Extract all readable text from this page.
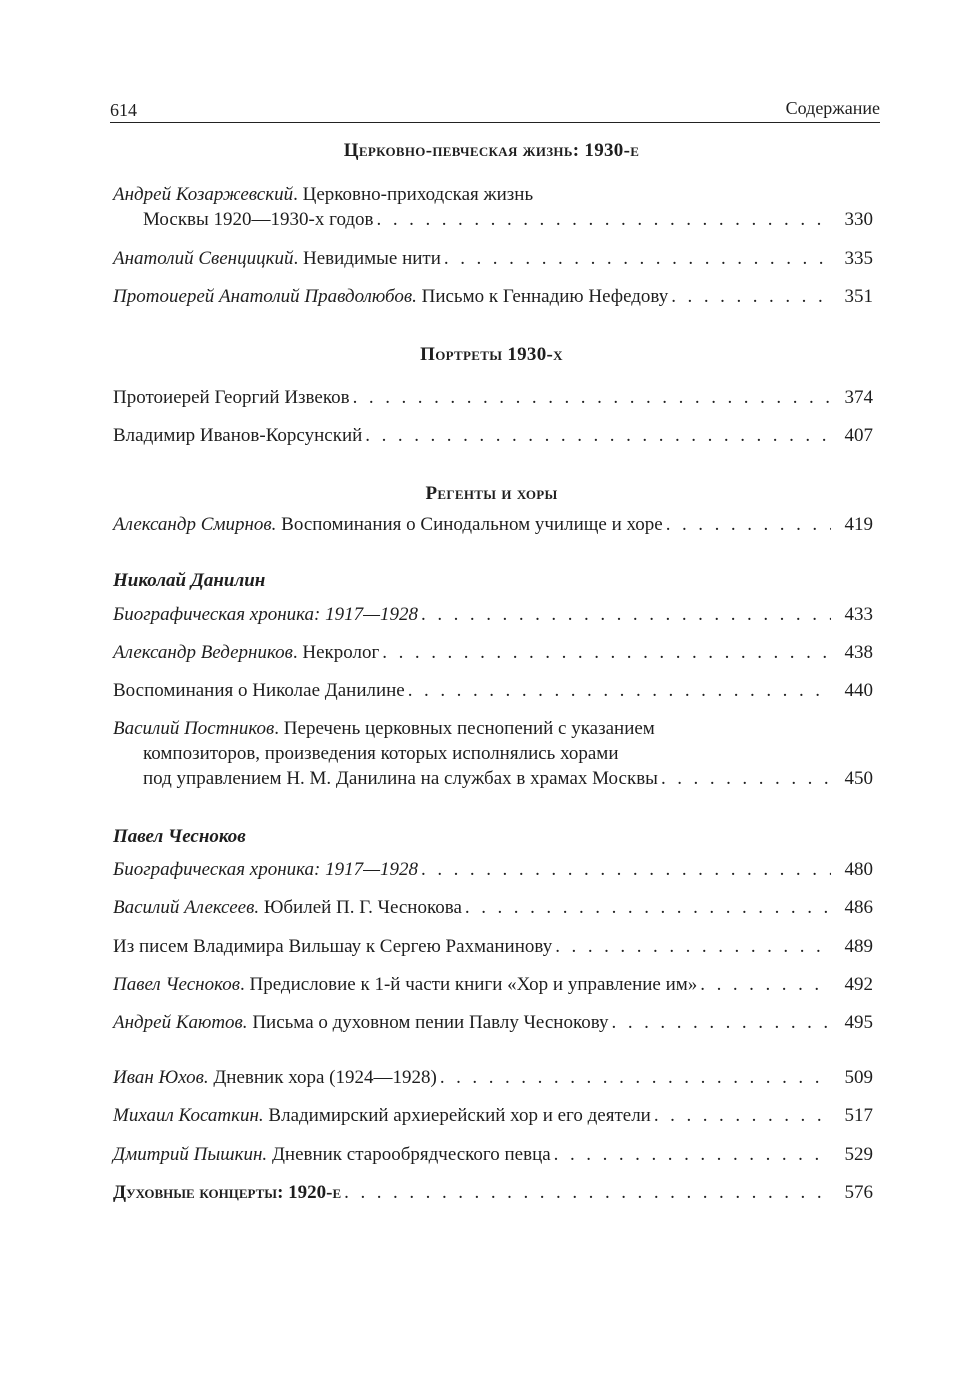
614	Содержание
Церковно-певческая жизнь: 1930-е
Андрей Козаржевский. Церковно-приходская жизнь
Москвы 1920—1930-х годов . . .	330
Анатолий Свенцицкий. Невидимые нити . . .	335
Протоиерей Анатолий Правдолюбов. Письмо к Геннадию Нефедову . . .	351
Портреты 1930-х
Протоиерей Георгий Извеков . . .	374
Владимир Иванов-Корсунский . . .	407
Регенты и хоры
Александр Смирнов. Воспоминания о Синодальном училище и хоре . . .	419
Николай Данилин
Биографическая хроника: 1917—1928 . . .	433
Александр Ведерников. Некролог . . .	438
Воспоминания о Николае Данилине . . .	440
Василий Постников. Перечень церковных песнопений с указанием
композиторов, произведения которых исполнялись хорами
под управлением Н. М. Данилина на службах в храмах Москвы . . .	450
Павел Чесноков
Биографическая хроника: 1917—1928 . . .	480
Василий Алексеев. Юбилей П. Г. Чеснокова . . .	486
Из писем Владимира Вильшау к Сергею Рахманинову . . .	489
Павел Чесноков. Предисловие к 1-й части книги «Хор и управление им» . . .	492
Андрей Каютов. Письма о духовном пении Павлу Чеснокову . . .	495
Иван Юхов. Дневник хора (1924—1928) . . .	509
Михаил Косаткин. Владимирский архиерейский хор и его деятели . . .	517
Дмитрий Пышкин. Дневник старообрядческого певца . . .	529
Духовные концерты: 1920-е . . .	576
